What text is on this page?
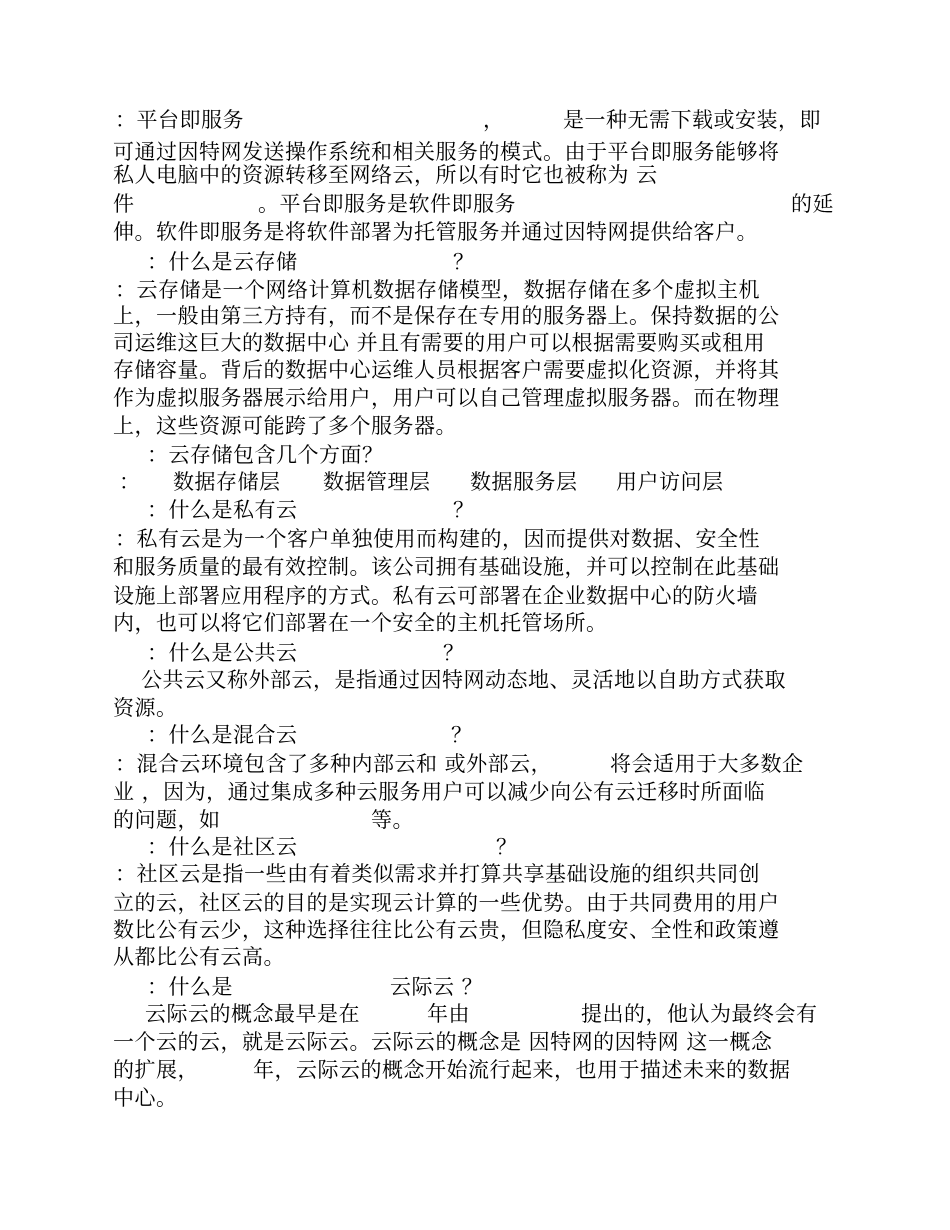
：平台即服务

	，

	是一种无需下载或安装，即

可通过因特网发送操作系统和相关服务的模式。由于平台即服务能够将

私人电脑中的资源转移至网络云，所以有时它也被称为 云

件

	。平台即服务是软件即服务

	的延

伸。软件即服务是将软件部署为托管服务并通过因特网提供给客户。

：什么是云存储

	？

：云存储是一个网络计算机数据存储模型，数据存储在多个虚拟主机

上，一般由第三方持有，而不是保存在专用的服务器上。保持数据的公

司运维这巨大的数据中心 并且有需要的用户可以根据需要购买或租用

存储容量。背后的数据中心运维人员根据客户需要虚拟化资源，并将其

作为虚拟服务器展示给用户，用户可以自己管理虚拟服务器。而在物理

上，这些资源可能跨了多个服务器。

：云存储包含几个方面？

：

数据存储层

数据管理层

数据服务层

用户访问层

：什么是私有云

	？

：私有云是为一个客户单独使用而构建的，因而提供对数据、安全性

和服务质量的最有效控制。该公司拥有基础设施，并可以控制在此基础

设施上部署应用程序的方式。私有云可部署在企业数据中心的防火墙

内，也可以将它们部署在一个安全的主机托管场所。

：什么是公共云

	？

公共云又称外部云，是指通过因特网动态地、灵活地以自助方式获取

资源。

：什么是混合云

	？

：混合云环境包含了多种内部云和 或外部云，

	将会适用于大多数企

业 ，因为，通过集成多种云服务用户可以减少向公有云迁移时所面临

的问题，如

	等。

：什么是社区云

	？

：社区云是指一些由有着类似需求并打算共享基础设施的组织共同创

立的云，社区云的目的是实现云计算的一些优势。由于共同费用的用户

数比公有云少，这种选择往往比公有云贵，但隐私度安、全性和政策遵

从都比公有云高。

：什么是

	云际云 ？

云际云的概念最早是在

	年由

	提出的，他认为最终会有

一个云的云，就是云际云。云际云的概念是 因特网的因特网 这一概念

的扩展，

	年，云际云的概念开始流行起来，也用于描述未来的数据

中心。
